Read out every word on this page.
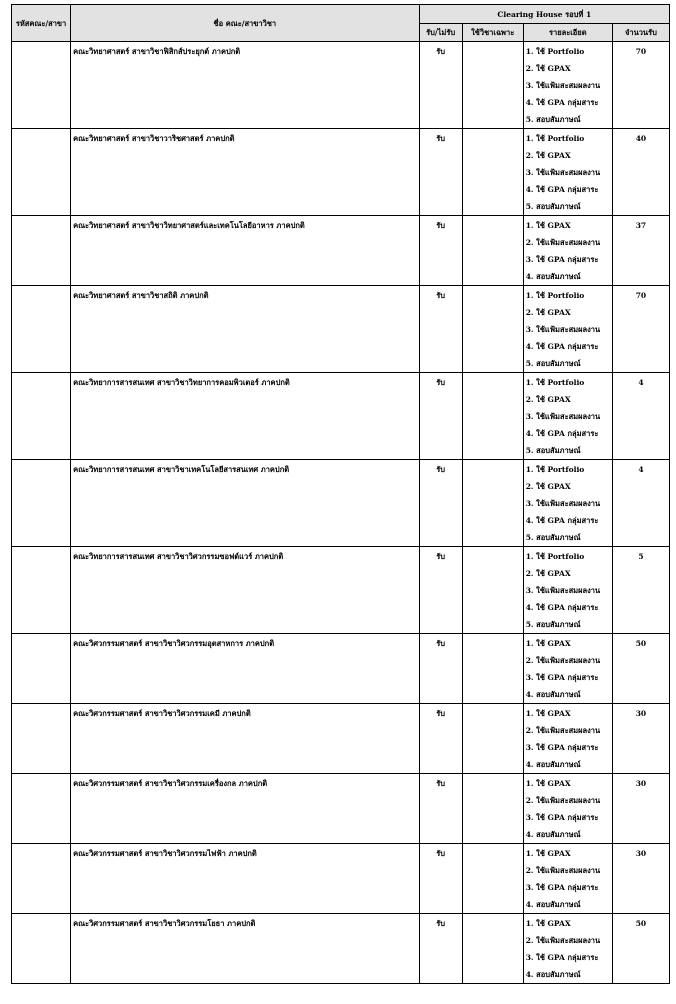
รหัสคณะ/สาขา	ชื่อ คณะ/สาขาวิชา	Clearing House รอบที่ 1			
		รับ/ไม่รับ	ใช้วิชาเฉพาะ	รายละเอียด	จำนวนรับ
	คณะวิทยาศาสตร์ สาขาวิชาฟิสิกส์ประยุกต์ ภาคปกติ	รับ		1. ใช้ Portfolio
2. ใช้ GPAX
3. ใช้แฟ้มสะสมผลงาน
4. ใช้ GPA กลุ่มสาระ
5. สอบสัมภาษณ์	70
	คณะวิทยาศาสตร์ สาขาวิชาวาริชศาสตร์ ภาคปกติ	รับ		1. ใช้ Portfolio
2. ใช้ GPAX
3. ใช้แฟ้มสะสมผลงาน
4. ใช้ GPA กลุ่มสาระ
5. สอบสัมภาษณ์	40
	คณะวิทยาศาสตร์ สาขาวิชาวิทยาศาสตร์และเทคโนโลยีอาหาร ภาคปกติ	รับ		1. ใช้ GPAX
2. ใช้แฟ้มสะสมผลงาน
3. ใช้ GPA กลุ่มสาระ
4. สอบสัมภาษณ์	37
	คณะวิทยาศาสตร์ สาขาวิชาสถิติ ภาคปกติ	รับ		1. ใช้ Portfolio
2. ใช้ GPAX
3. ใช้แฟ้มสะสมผลงาน
4. ใช้ GPA กลุ่มสาระ
5. สอบสัมภาษณ์	70
	คณะวิทยาการสารสนเทศ สาขาวิชาวิทยาการคอมพิวเตอร์ ภาคปกติ	รับ		1. ใช้ Portfolio
2. ใช้ GPAX
3. ใช้แฟ้มสะสมผลงาน
4. ใช้ GPA กลุ่มสาระ
5. สอบสัมภาษณ์	4
	คณะวิทยาการสารสนเทศ สาขาวิชาเทคโนโลยีสารสนเทศ ภาคปกติ	รับ		1. ใช้ Portfolio
2. ใช้ GPAX
3. ใช้แฟ้มสะสมผลงาน
4. ใช้ GPA กลุ่มสาระ
5. สอบสัมภาษณ์	4
	คณะวิทยาการสารสนเทศ สาขาวิชาวิศวกรรมซอฟต์แวร์ ภาคปกติ	รับ		1. ใช้ Portfolio
2. ใช้ GPAX
3. ใช้แฟ้มสะสมผลงาน
4. ใช้ GPA กลุ่มสาระ
5. สอบสัมภาษณ์	5
	คณะวิศวกรรมศาสตร์ สาขาวิชาวิศวกรรมอุตสาหการ ภาคปกติ	รับ		1. ใช้ GPAX
2. ใช้แฟ้มสะสมผลงาน
3. ใช้ GPA กลุ่มสาระ
4. สอบสัมภาษณ์	50
	คณะวิศวกรรมศาสตร์ สาขาวิชาวิศวกรรมเคมี ภาคปกติ	รับ		1. ใช้ GPAX
2. ใช้แฟ้มสะสมผลงาน
3. ใช้ GPA กลุ่มสาระ
4. สอบสัมภาษณ์	30
	คณะวิศวกรรมศาสตร์ สาขาวิชาวิศวกรรมเครื่องกล ภาคปกติ	รับ		1. ใช้ GPAX
2. ใช้แฟ้มสะสมผลงาน
3. ใช้ GPA กลุ่มสาระ
4. สอบสัมภาษณ์	30
	คณะวิศวกรรมศาสตร์ สาขาวิชาวิศวกรรมไฟฟ้า ภาคปกติ	รับ		1. ใช้ GPAX
2. ใช้แฟ้มสะสมผลงาน
3. ใช้ GPA กลุ่มสาระ
4. สอบสัมภาษณ์	30
	คณะวิศวกรรมศาสตร์ สาขาวิชาวิศวกรรมโยธา ภาคปกติ	รับ		1. ใช้ GPAX
2. ใช้แฟ้มสะสมผลงาน
3. ใช้ GPA กลุ่มสาระ
4. สอบสัมภาษณ์	50
